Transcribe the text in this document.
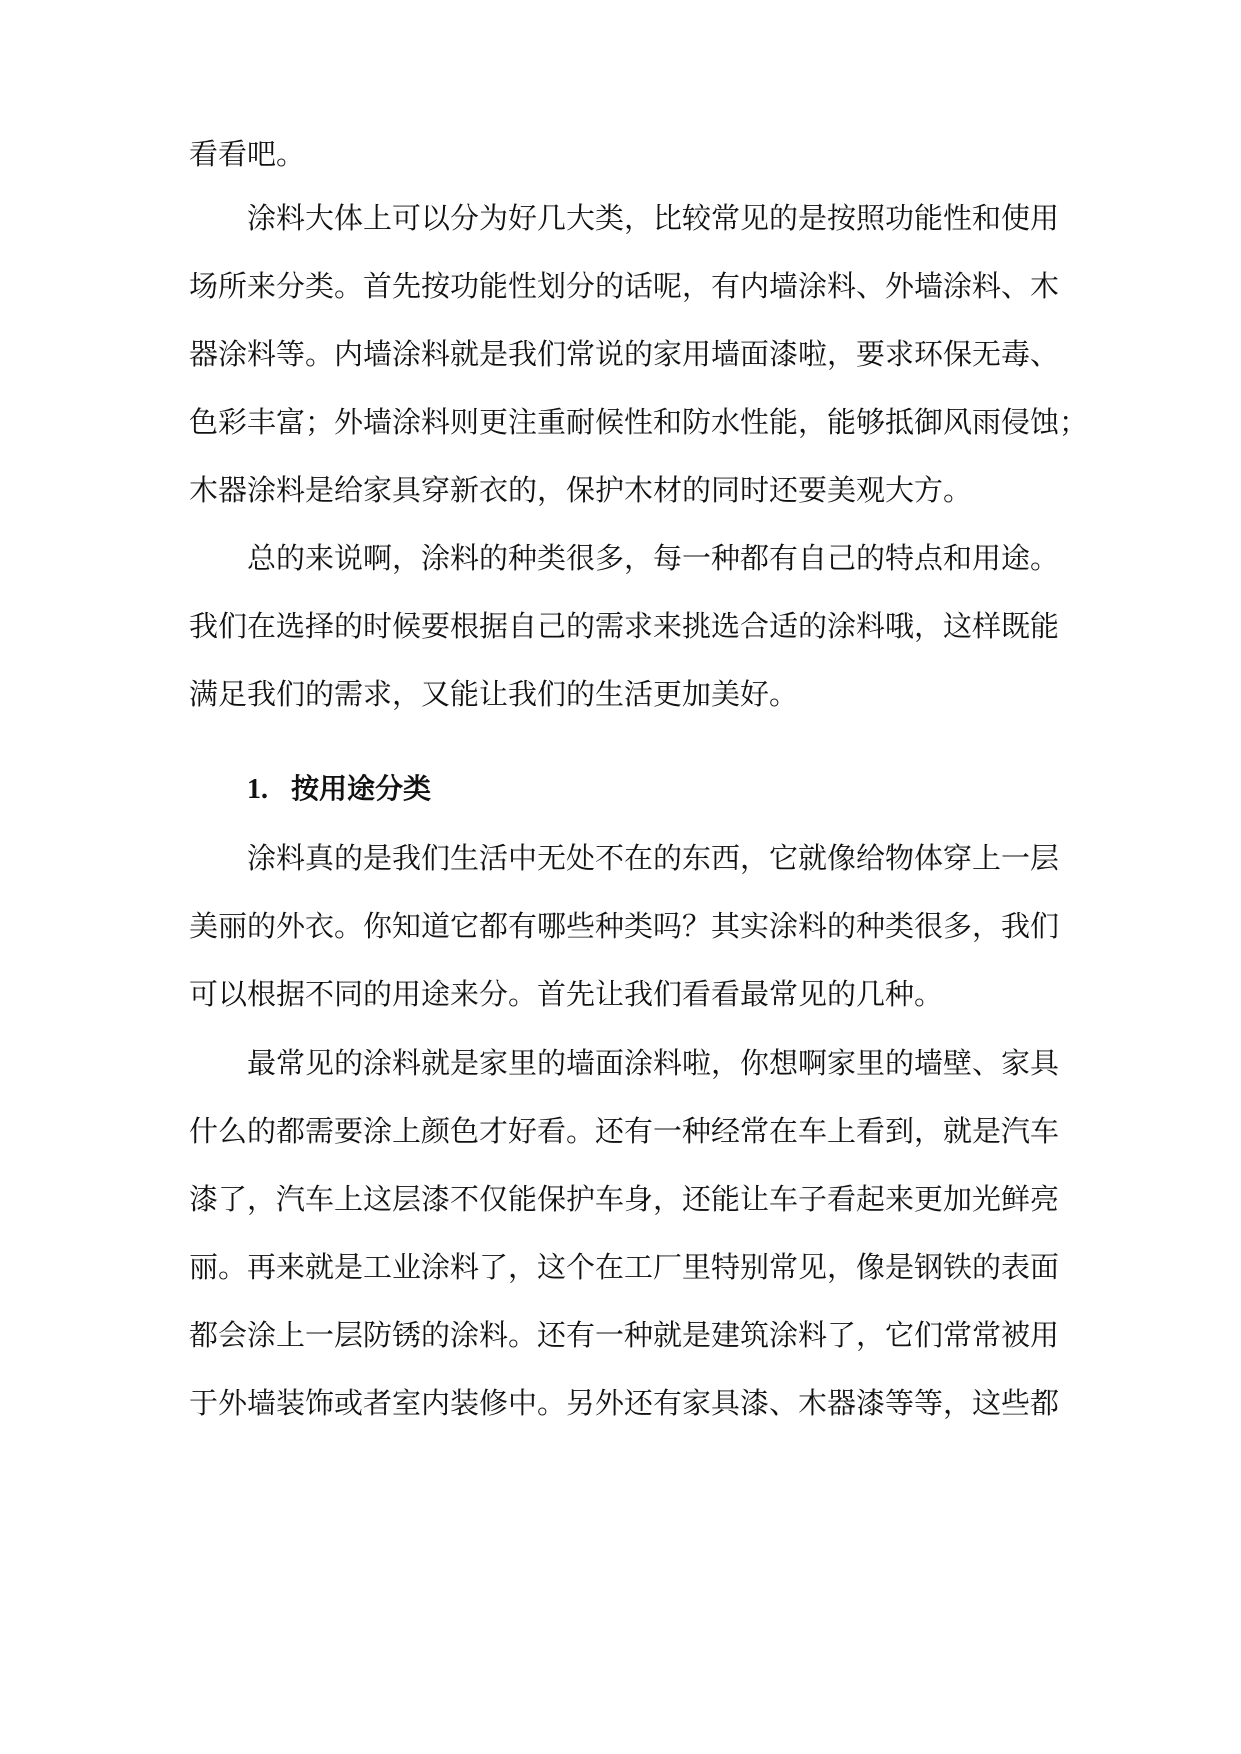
看看吧。
涂料大体上可以分为好几大类，比较常见的是按照功能性和使用
场所来分类。首先按功能性划分的话呢，有内墙涂料、外墙涂料、木
器涂料等。内墙涂料就是我们常说的家用墙面漆啦，要求环保无毒、
色彩丰富；外墙涂料则更注重耐候性和防水性能，能够抵御风雨侵蚀；
木器涂料是给家具穿新衣的，保护木材的同时还要美观大方。
总的来说啊，涂料的种类很多，每一种都有自己的特点和用途。
我们在选择的时候要根据自己的需求来挑选合适的涂料哦，这样既能
满足我们的需求，又能让我们的生活更加美好。
1. 按用途分类
涂料真的是我们生活中无处不在的东西，它就像给物体穿上一层
美丽的外衣。你知道它都有哪些种类吗？其实涂料的种类很多，我们
可以根据不同的用途来分。首先让我们看看最常见的几种。
最常见的涂料就是家里的墙面涂料啦，你想啊家里的墙壁、家具
什么的都需要涂上颜色才好看。还有一种经常在车上看到，就是汽车
漆了，汽车上这层漆不仅能保护车身，还能让车子看起来更加光鲜亮
丽。再来就是工业涂料了，这个在工厂里特别常见，像是钢铁的表面
都会涂上一层防锈的涂料。还有一种就是建筑涂料了，它们常常被用
于外墙装饰或者室内装修中。另外还有家具漆、木器漆等等，这些都
